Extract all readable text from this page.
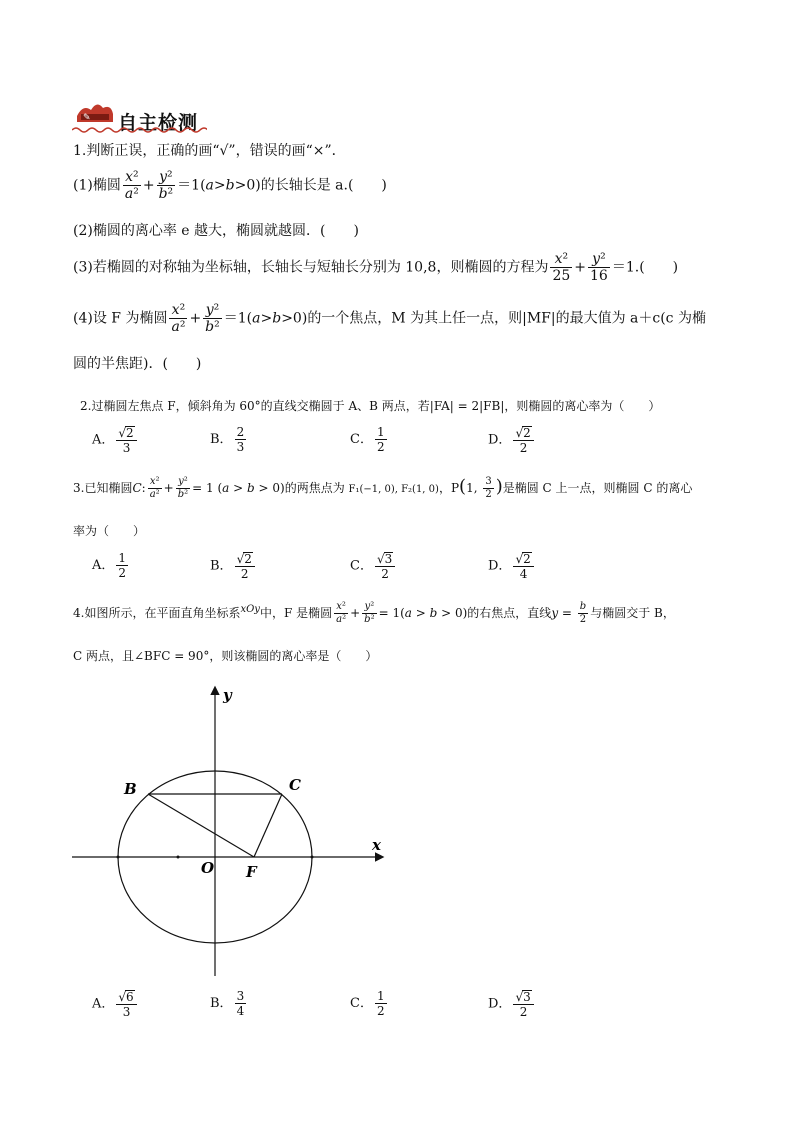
✎ 自主检测
1.判断正误，正确的画“√”，错误的画“×”．
(1)椭圆 $\frac{\text{x²}}{\text{a²}} + \frac{\text{y²}}{\text{b²}} =1(a>b>0)$的长轴长是 a.(　　)
(2)椭圆的离心率 e 越大，椭圆就越圆．(　　)
(3)若椭圆的对称轴为坐标轴，长轴长与短轴长分别为 10,8，则椭圆的方程为 $\frac{\text{x²}}{25} + \frac{\text{y²}}{16} =1$.(　　)
(4)设 F 为椭圆 $\frac{\text{x²}}{\text{a²}} + \frac{\text{y²}}{\text{b²}} =1(a>b>0)$的一个焦点，M 为其上任一点，则|MF|的最大值为 a＋c(c 为椭
圆的半焦距)．(　　)
2.过椭圆左焦点 F，倾斜角为 60°的直线交椭圆于 A、B 两点，若|FA| = 2|FB|，则椭圆的离心率为（　　）
A． $\frac{√2}{3}$	B． $\frac{2}{3}$	C． $\frac{1}{2}$	D． $\frac{√2}{2}$
3.已知椭圆C: $\frac{\text{x²}}{\text{a²}} + \frac{\text{y²}}{\text{b²}} = 1$ (a > b > 0)的两焦点为 F₁(−1, 0), F₂(1, 0)，P(1, $\frac{3}{2}$ )是椭圆 C 上一点，则椭圆 C 的离心
率为（　　）
A． $\frac{1}{2}$	B． $\frac{√2}{2}$	C． $\frac{√3}{2}$	D． $\frac{√2}{4}$
4.如图所示，在平面直角坐标系$^{xOy}$中，F 是椭圆 $\frac{\text{x²}}{\text{a²}} + \frac{\text{y²}}{\text{b²}} = 1(a > b > 0)$的右焦点，直线$y = \frac{b}{2}$ 与椭圆交于 B，
C 两点，且∠BFC = 90°，则该椭圆的离心率是（　　）
B	C
O F
x
y
A． $\frac{√6}{3}$	B． $\frac{3}{4}$	C． $\frac{1}{2}$	D． $\frac{√3}{2}$
